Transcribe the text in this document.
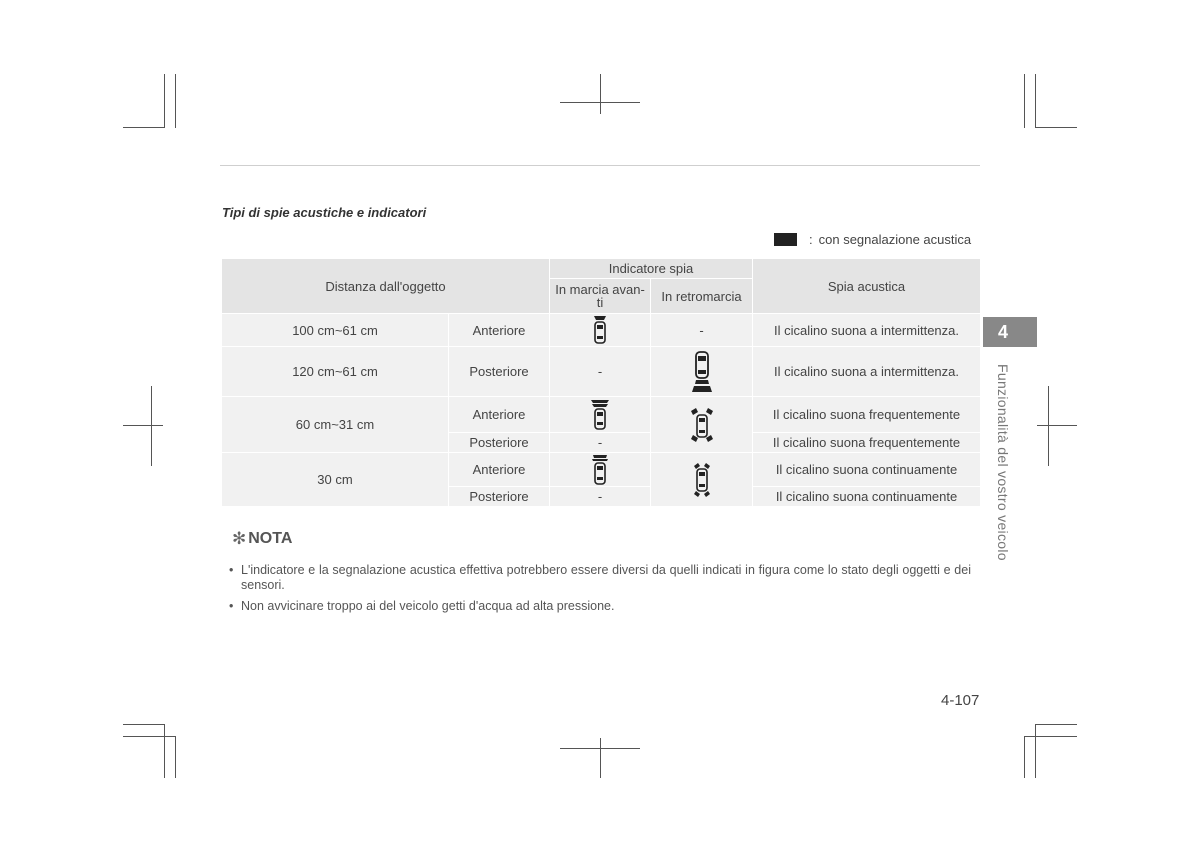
Tipi di spie acustiche e indicatori
: con segnalazione acustica
Distanza dall'oggetto		Indicatore spia		Spia acustica
		In marcia avan-ti	In retromarcia	
100 cm~61 cm	Anteriore		-	Il cicalino suona a intermittenza.
120 cm~61 cm	Posteriore	-		Il cicalino suona a intermittenza.
60 cm~31 cm	Anteriore			Il cicalino suona frequentemente
	Posteriore	-		Il cicalino suona frequentemente
30 cm	Anteriore			Il cicalino suona continuamente
	Posteriore	-		Il cicalino suona continuamente
4
Funzionalità del vostro veicolo
✻ NOTA
• L'indicatore e la segnalazione acustica effettiva potrebbero essere diversi da quelli indicati in figura come lo stato degli oggetti e dei sensori.
• Non avvicinare troppo ai del veicolo getti d'acqua ad alta pressione.
4-107
